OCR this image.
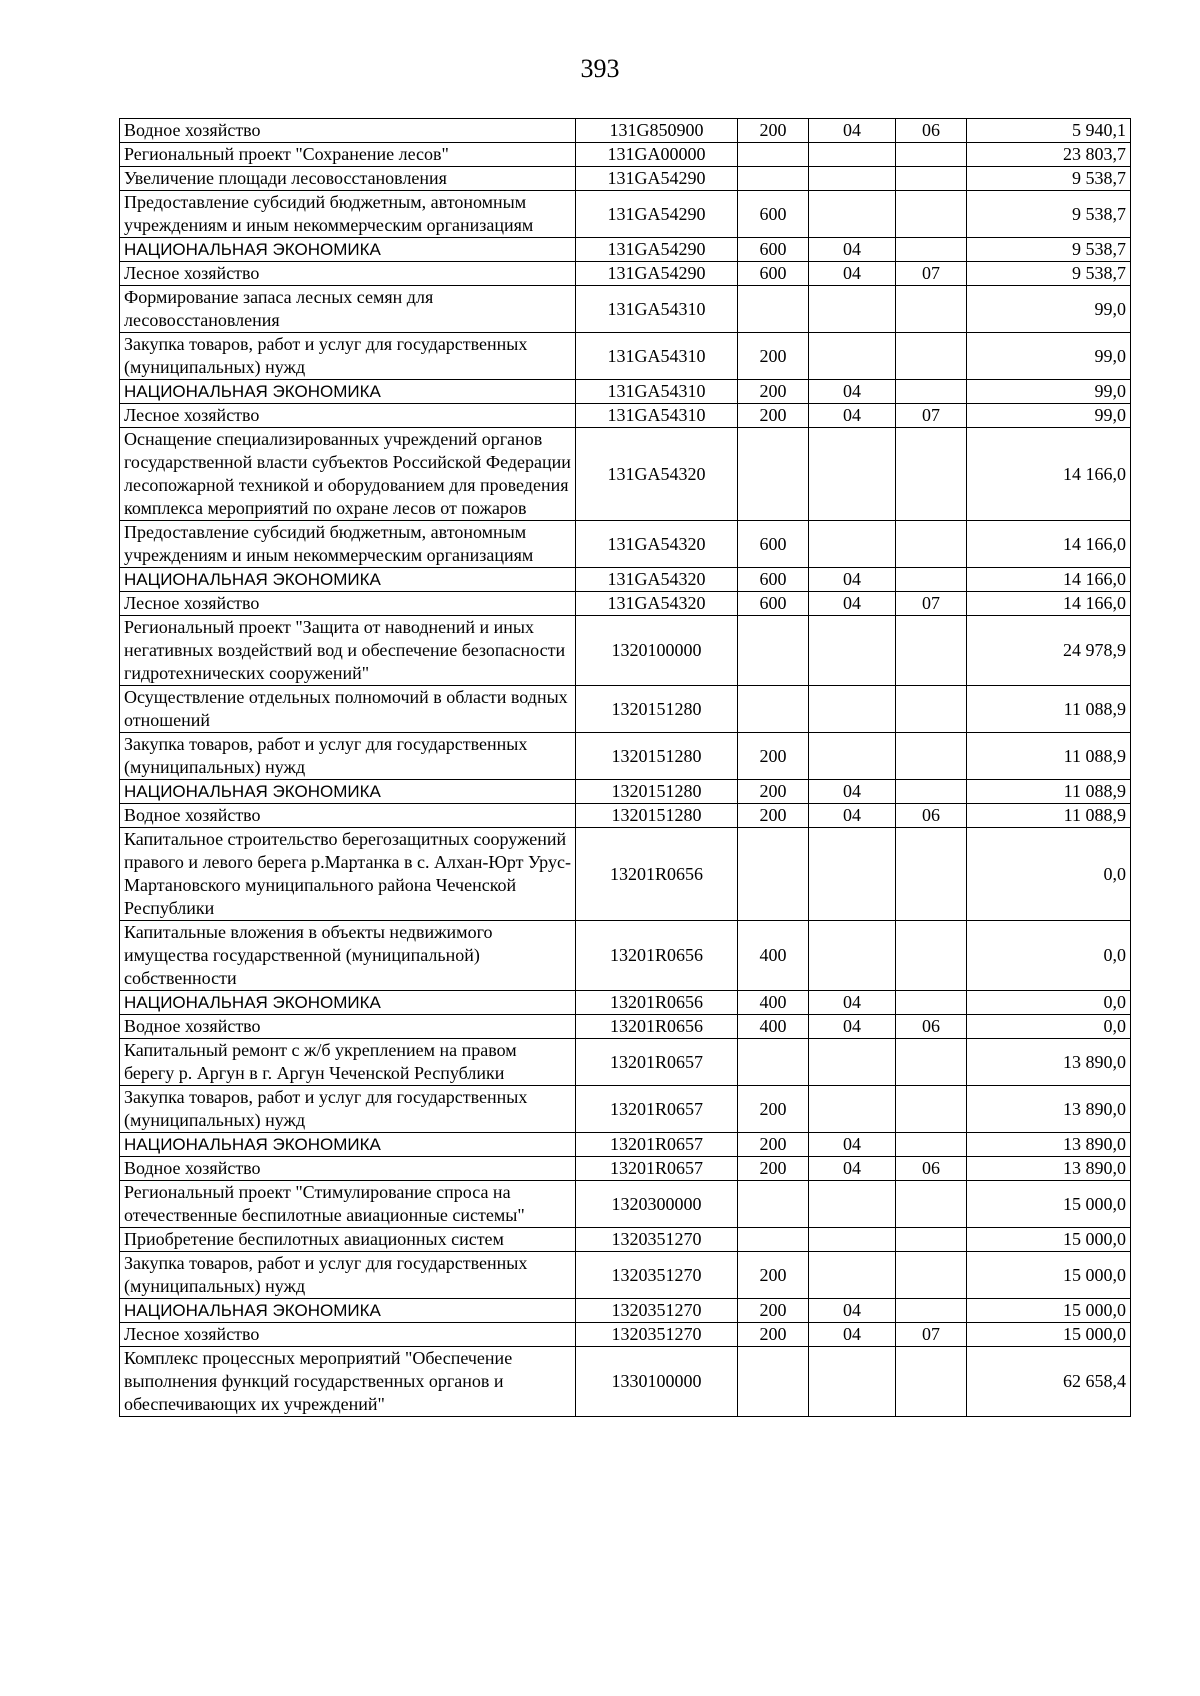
393
Водное хозяйство	131G850900	200	04	06	5 940,1
Региональный проект "Сохранение лесов"	131GA00000				23 803,7
Увеличение площади лесовосстановления	131GA54290				9 538,7
Предоставление субсидий бюджетным, автономным учреждениям и иным некоммерческим организациям	131GA54290	600			9 538,7
НАЦИОНАЛЬНАЯ ЭКОНОМИКА	131GA54290	600	04		9 538,7
Лесное хозяйство	131GA54290	600	04	07	9 538,7
Формирование запаса лесных семян для лесовосстановления	131GA54310				99,0
Закупка товаров, работ и услуг для государственных (муниципальных) нужд	131GA54310	200			99,0
НАЦИОНАЛЬНАЯ ЭКОНОМИКА	131GA54310	200	04		99,0
Лесное хозяйство	131GA54310	200	04	07	99,0
Оснащение специализированных учреждений органов государственной власти субъектов Российской Федерации лесопожарной техникой и оборудованием для проведения комплекса мероприятий по охране лесов от пожаров	131GA54320				14 166,0
Предоставление субсидий бюджетным, автономным учреждениям и иным некоммерческим организациям	131GA54320	600			14 166,0
НАЦИОНАЛЬНАЯ ЭКОНОМИКА	131GA54320	600	04		14 166,0
Лесное хозяйство	131GA54320	600	04	07	14 166,0
Региональный проект "Защита от наводнений и иных негативных воздействий вод и обеспечение безопасности гидротехнических сооружений"	1320100000				24 978,9
Осуществление отдельных полномочий в области водных отношений	1320151280				11 088,9
Закупка товаров, работ и услуг для государственных (муниципальных) нужд	1320151280	200			11 088,9
НАЦИОНАЛЬНАЯ ЭКОНОМИКА	1320151280	200	04		11 088,9
Водное хозяйство	1320151280	200	04	06	11 088,9
Капитальное строительство берегозащитных сооружений правого и левого берега р.Мартанка в с. Алхан-Юрт Урус-Мартановского муниципального района Чеченской Республики	13201R0656				0,0
Капитальные вложения в объекты недвижимого имущества государственной (муниципальной) собственности	13201R0656	400			0,0
НАЦИОНАЛЬНАЯ ЭКОНОМИКА	13201R0656	400	04		0,0
Водное хозяйство	13201R0656	400	04	06	0,0
Капитальный ремонт с ж/б укреплением на правом берегу р. Аргун в г. Аргун Чеченской Республики	13201R0657				13 890,0
Закупка товаров, работ и услуг для государственных (муниципальных) нужд	13201R0657	200			13 890,0
НАЦИОНАЛЬНАЯ ЭКОНОМИКА	13201R0657	200	04		13 890,0
Водное хозяйство	13201R0657	200	04	06	13 890,0
Региональный проект "Стимулирование спроса на отечественные беспилотные авиационные системы"	1320300000				15 000,0
Приобретение беспилотных авиационных систем	1320351270				15 000,0
Закупка товаров, работ и услуг для государственных (муниципальных) нужд	1320351270	200			15 000,0
НАЦИОНАЛЬНАЯ ЭКОНОМИКА	1320351270	200	04		15 000,0
Лесное хозяйство	1320351270	200	04	07	15 000,0
Комплекс процессных мероприятий "Обеспечение выполнения функций государственных органов и обеспечивающих их учреждений"	1330100000				62 658,4
